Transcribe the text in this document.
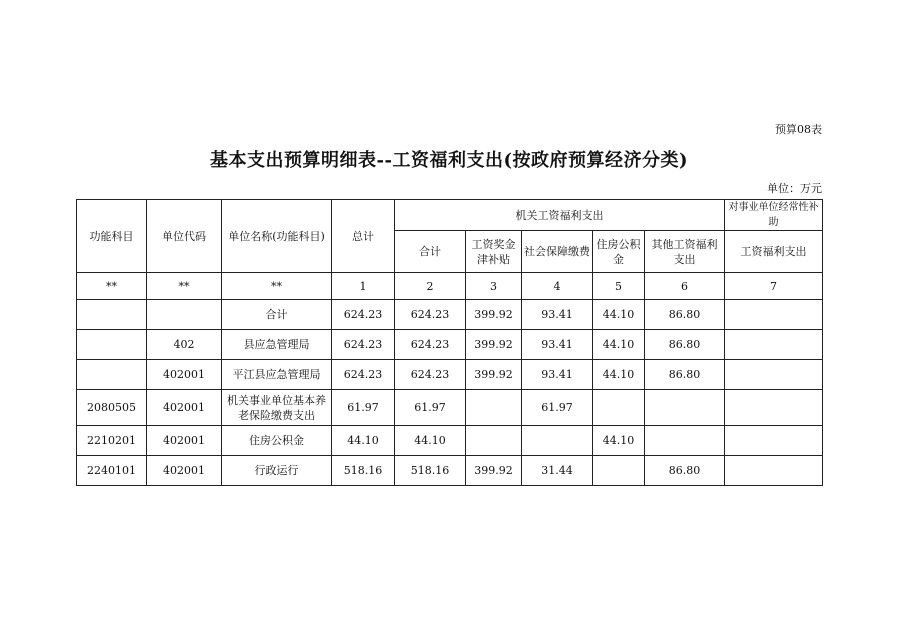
预算08表
基本支出预算明细表--工资福利支出(按政府预算经济分类)
单位：万元
功能科目	单位代码	单位名称(功能科目)	总计	机关工资福利支出					对事业单位经常性补助
				合计	工资奖金津补贴	社会保障缴费	住房公积金	其他工资福利支出	工资福利支出
**	**	**	1	2	3	4	5	6	7
		合计	624.23	624.23	399.92	93.41	44.10	86.80	
	402	县应急管理局	624.23	624.23	399.92	93.41	44.10	86.80	
	402001	平江县应急管理局	624.23	624.23	399.92	93.41	44.10	86.80	
2080505	402001	机关事业单位基本养老保险缴费支出	61.97	61.97		61.97			
2210201	402001	住房公积金	44.10	44.10			44.10		
2240101	402001	行政运行	518.16	518.16	399.92	31.44		86.80	
